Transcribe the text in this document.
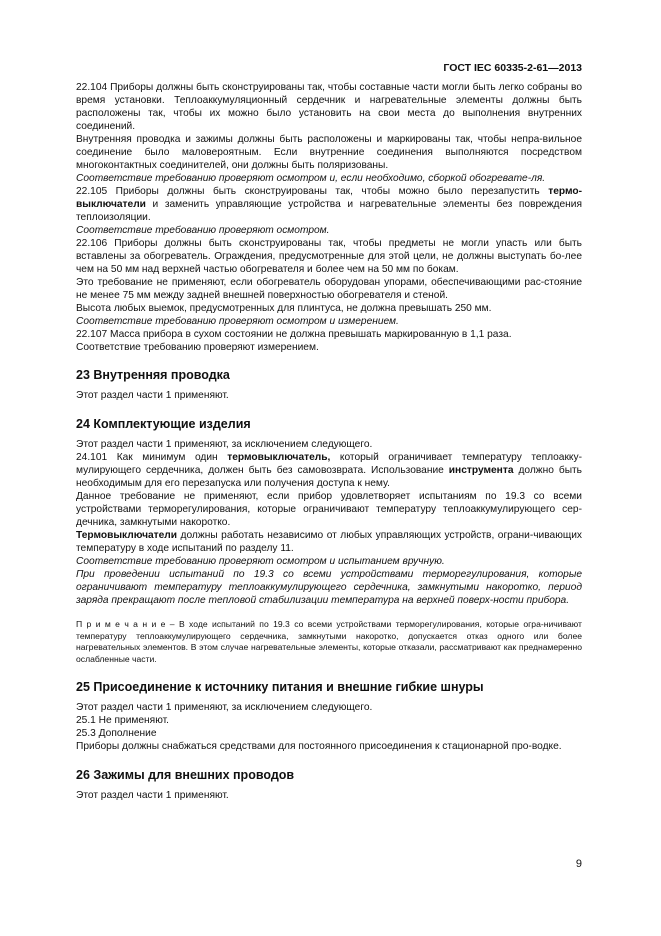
ГОСТ IEC 60335-2-61—2013

22.104 Приборы должны быть сконструированы так, чтобы составные части могли быть легко собраны во время установки. Теплоаккумуляционный сердечник и нагревательные элементы должны быть расположены так, чтобы их можно было установить на свои места до выполнения внутренних соединений.

Внутренняя проводка и зажимы должны быть расположены и маркированы так, чтобы непра-вильное соединение было маловероятным. Если внутренние соединения выполняются посредством многоконтактных соединителей, они должны быть поляризованы.

Соответствие требованию проверяют осмотром и, если необходимо, сборкой обогревате-ля.

22.105 Приборы должны быть сконструированы так, чтобы можно было перезапустить термо-выключатели и заменить управляющие устройства и нагревательные элементы без повреждения теплоизоляции.

Соответствие требованию проверяют осмотром.

22.106 Приборы должны быть сконструированы так, чтобы предметы не могли упасть или быть вставлены за обогреватель. Ограждения, предусмотренные для этой цели, не должны выступать бо-лее чем на 50 мм над верхней частью обогревателя и более чем на 50 мм по бокам.

Это требование не применяют, если обогреватель оборудован упорами, обеспечивающими рас-стояние не менее 75 мм между задней внешней поверхностью обогревателя и стеной.

Высота любых выемок, предусмотренных для плинтуса, не должна превышать 250 мм.

Соответствие требованию проверяют осмотром и измерением.

22.107 Масса прибора в сухом состоянии не должна превышать маркированную в 1,1 раза.

Соответствие требованию проверяют измерением.

23 Внутренняя проводка

Этот раздел части 1 применяют.

24 Комплектующие изделия

Этот раздел части 1 применяют, за исключением следующего.

24.101 Как минимум один термовыключатель, который ограничивает температуру теплоакку-мулирующего сердечника, должен быть без самовозврата. Использование инструмента должно быть необходимым для его перезапуска или получения доступа к нему.

Данное требование не применяют, если прибор удовлетворяет испытаниям по 19.3 со всеми устройствами терморегулирования, которые ограничивают температуру теплоаккумулирующего сер-дечника, замкнутыми накоротко.

Термовыключатели должны работать независимо от любых управляющих устройств, ограни-чивающих температуру в ходе испытаний по разделу 11.

Соответствие требованию проверяют осмотром и испытанием вручную.

При проведении испытаний по 19.3 со всеми устройствами терморегулирования, которые ограничивают температуру теплоаккумулирующего сердечника, замкнутыми накоротко, период заряда прекращают после тепловой стабилизации температура на верхней поверх-ности прибора.

П р и м е ч а н и е – В ходе испытаний по 19.3 со всеми устройствами терморегулирования, которые огра-ничивают температуру теплоаккумулирующего сердечника, замкнутыми накоротко, допускается отказ одного или более нагревательных элементов. В этом случае нагревательные элементы, которые отказали, рассматривают как преднамеренно ослабленные части.

25 Присоединение к источнику питания и внешние гибкие шнуры

Этот раздел части 1 применяют, за исключением следующего.

25.1 Не применяют.

25.3 Дополнение

Приборы должны снабжаться средствами для постоянного присоединения к стационарной про-водке.

26 Зажимы для внешних проводов

Этот раздел части 1 применяют.

9
